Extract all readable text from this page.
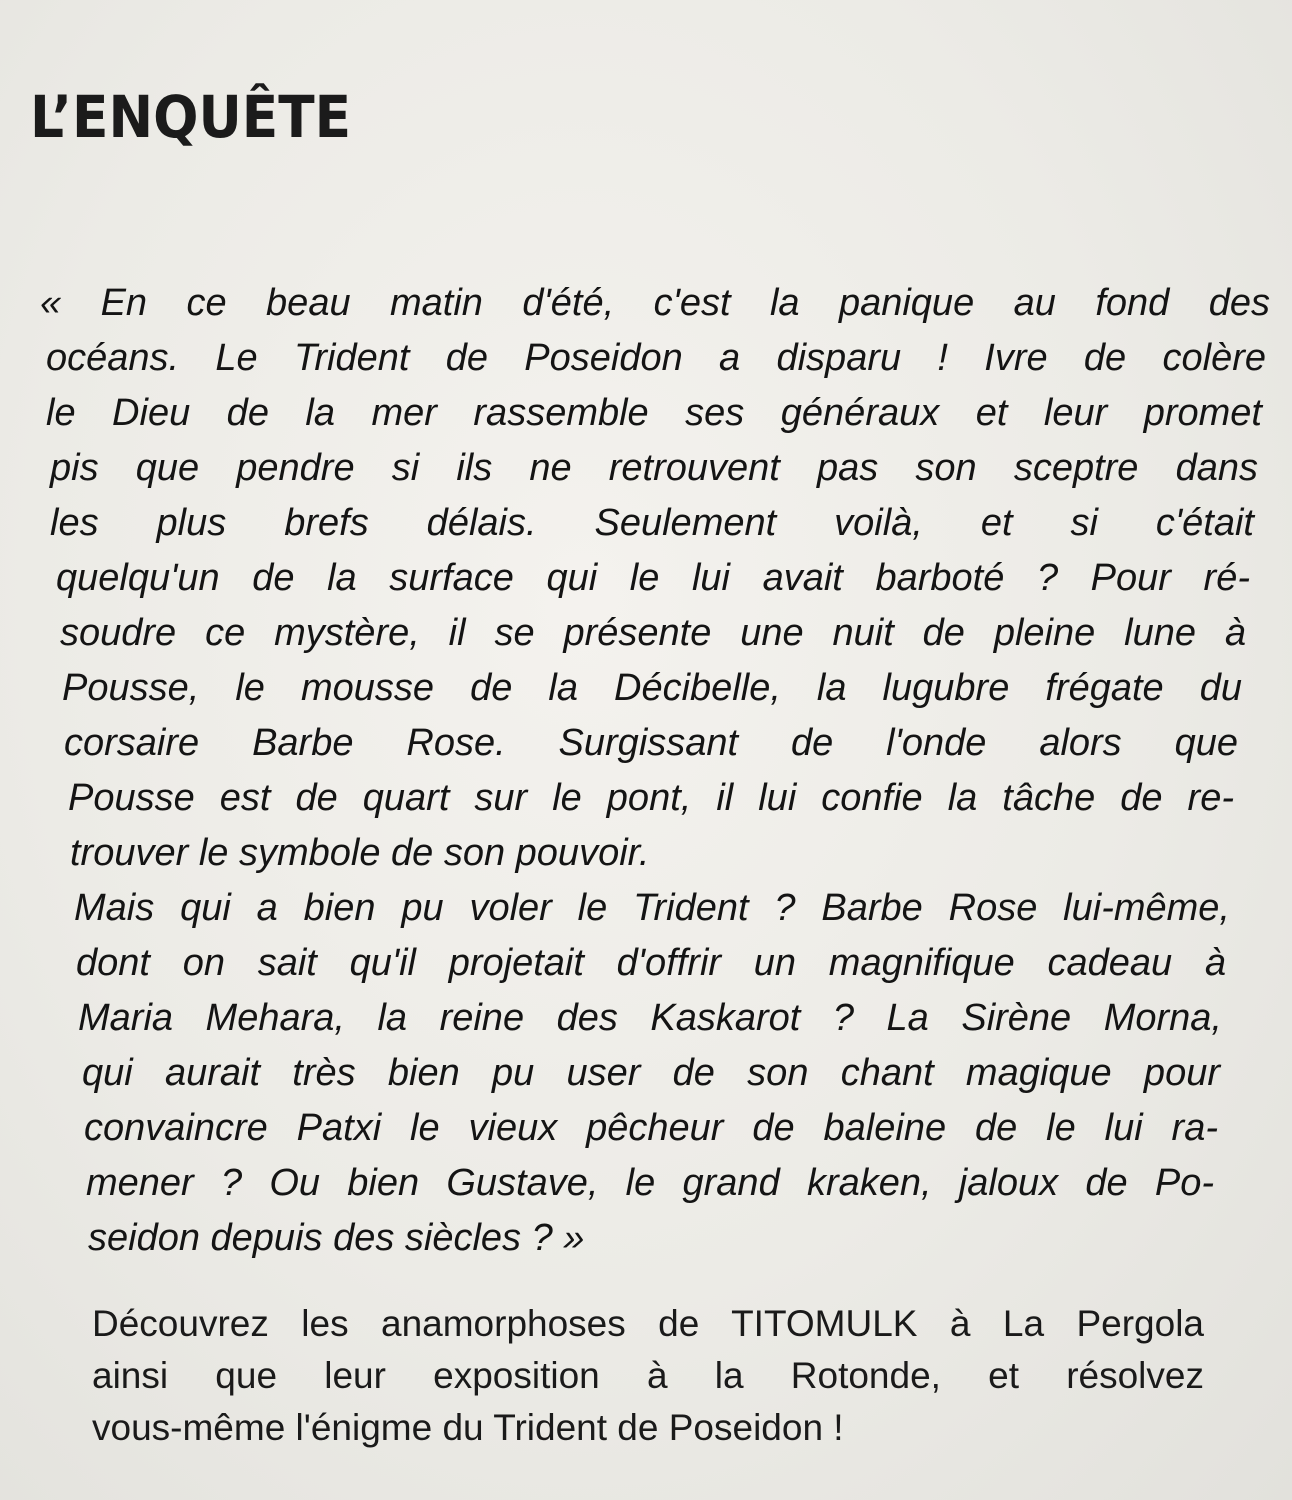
L’ENQUÊTE
« En ce beau matin d'été, c'est la panique au fond des
océans. Le Trident de Poseidon a disparu ! Ivre de colère
le Dieu de la mer rassemble ses généraux et leur promet
pis que pendre si ils ne retrouvent pas son sceptre dans
les plus brefs délais. Seulement voilà, et si c'était
quelqu'un de la surface qui le lui avait barboté ? Pour ré-
soudre ce mystère, il se présente une nuit de pleine lune à
Pousse, le mousse de la Décibelle, la lugubre frégate du
corsaire Barbe Rose. Surgissant de l'onde alors que
Pousse est de quart sur le pont, il lui confie la tâche de re-
trouver le symbole de son pouvoir.
Mais qui a bien pu voler le Trident ? Barbe Rose lui-même,
dont on sait qu'il projetait d'offrir un magnifique cadeau à
Maria Mehara, la reine des Kaskarot ? La Sirène Morna,
qui aurait très bien pu user de son chant magique pour
convaincre Patxi le vieux pêcheur de baleine de le lui ra-
mener ? Ou bien Gustave, le grand kraken, jaloux de Po-
seidon depuis des siècles ? »
Découvrez les anamorphoses de TITOMULK à La Pergola
ainsi que leur exposition à la Rotonde, et résolvez
vous-même l'énigme du Trident de Poseidon !
